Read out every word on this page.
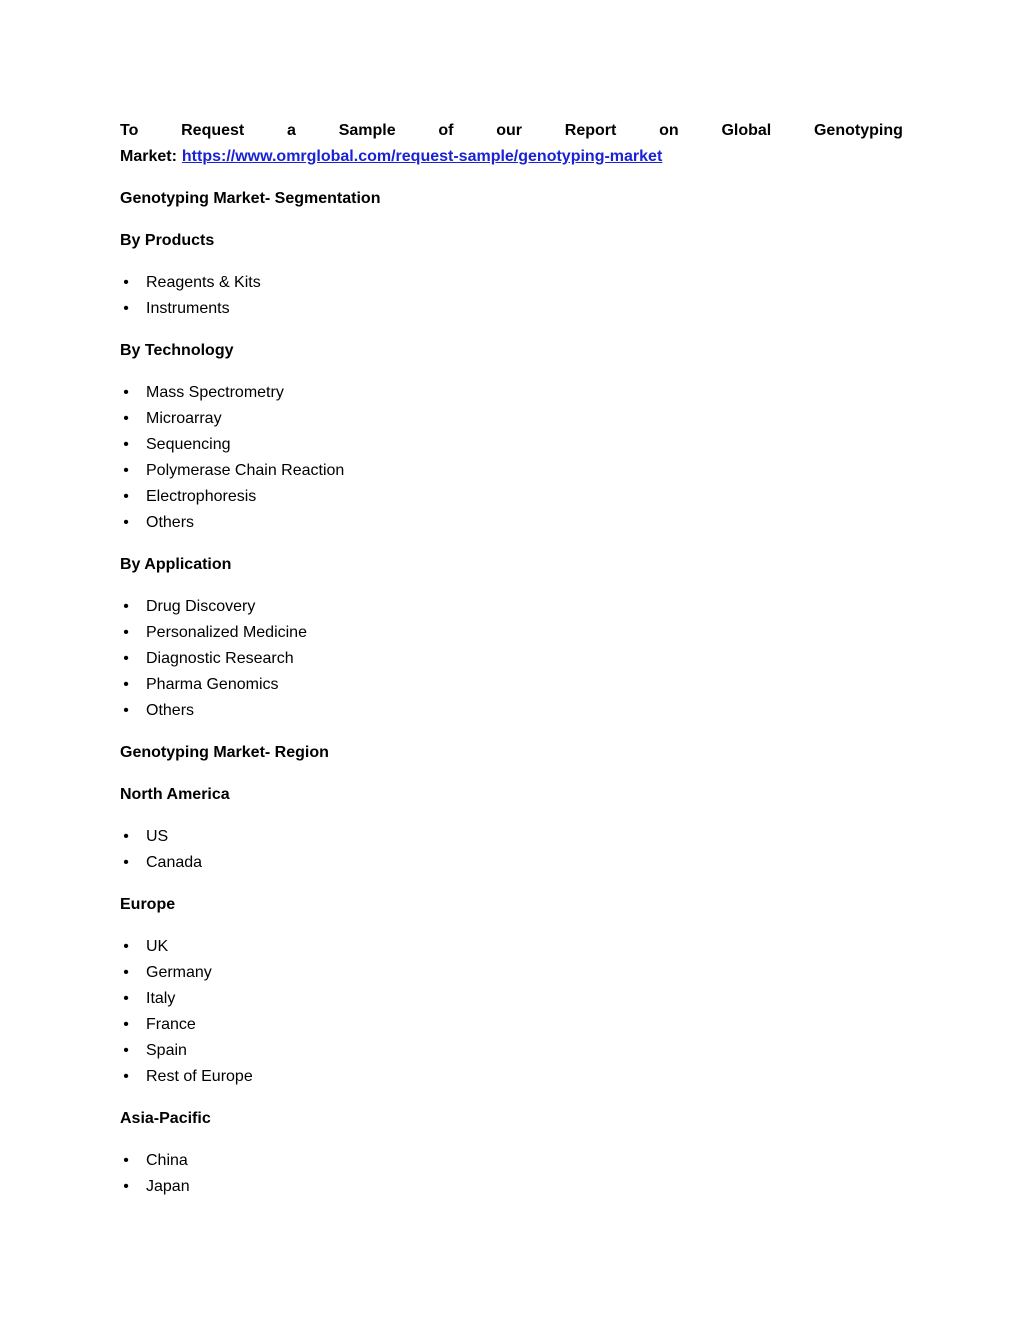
To	Request	a	Sample	of	our	Report	on	Global	Genotyping
Market: https://www.omrglobal.com/request-sample/genotyping-market
Genotyping Market- Segmentation
By Products
• Reagents & Kits
• Instruments
By Technology
• Mass Spectrometry
• Microarray
• Sequencing
• Polymerase Chain Reaction
• Electrophoresis
• Others
By Application
• Drug Discovery
• Personalized Medicine
• Diagnostic Research
• Pharma Genomics
• Others
Genotyping Market- Region
North America
• US
• Canada
Europe
• UK
• Germany
• Italy
• France
• Spain
• Rest of Europe
Asia-Pacific
• China
• Japan
